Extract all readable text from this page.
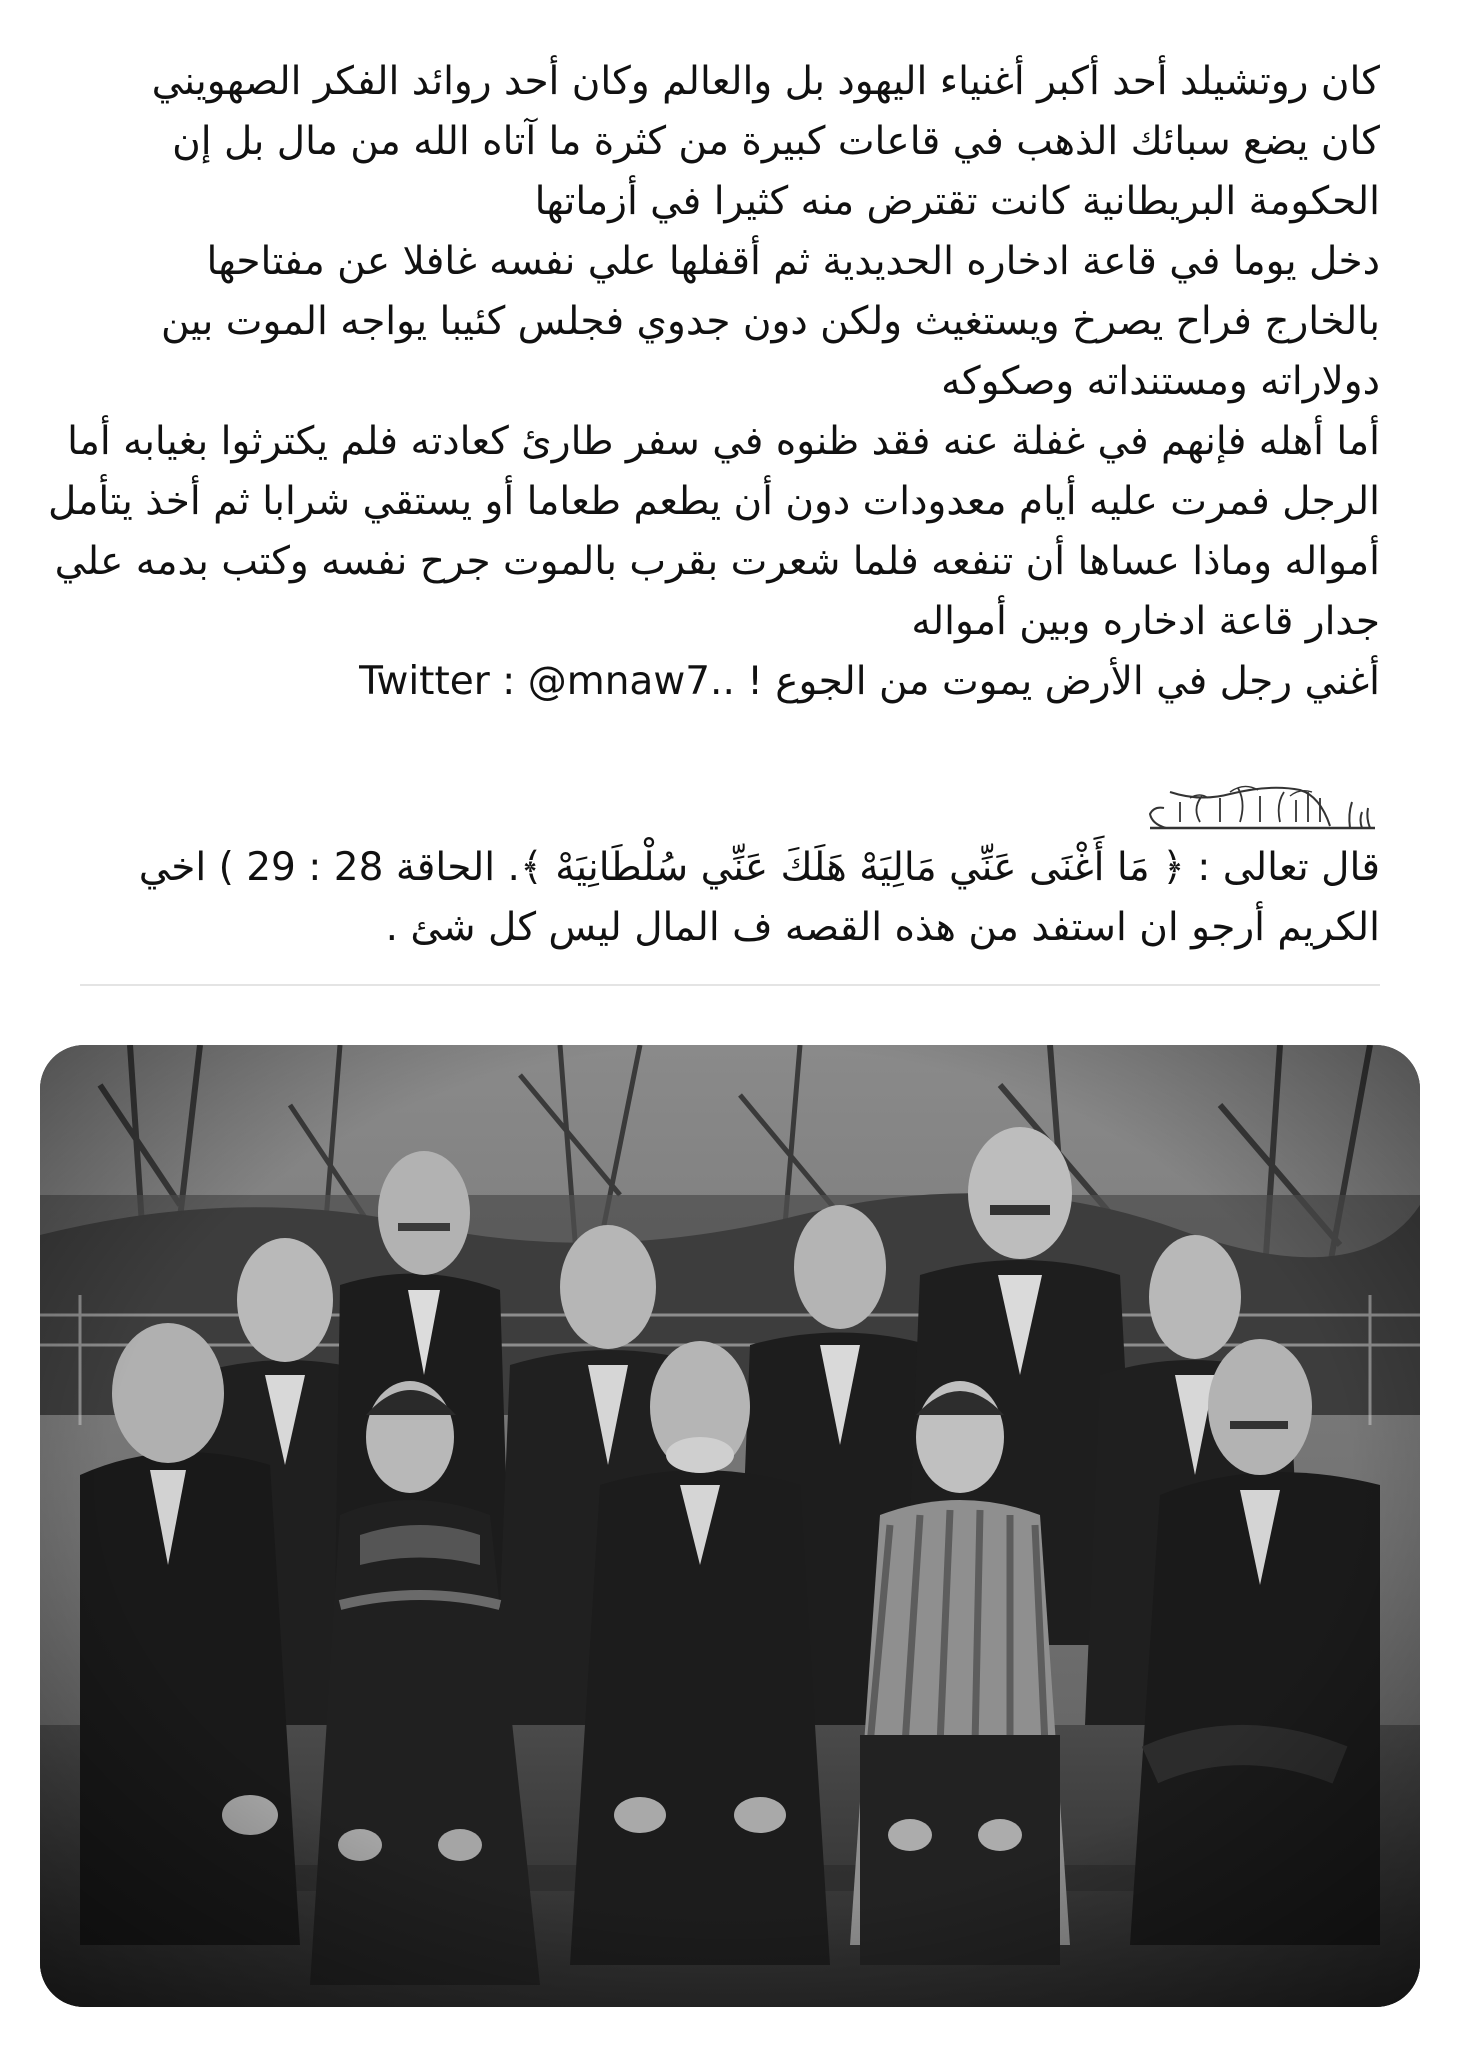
كان روتشيلد أحد أكبر أغنياء اليهود بل والعالم وكان أحد روائد الفكر الصهويني
كان يضع سبائك الذهب في قاعات كبيرة من كثرة ما آتاه الله من مال بل إن
الحكومة البريطانية كانت تقترض منه كثيرا في أزماتها
دخل يوما في قاعة ادخاره الحديدية ثم أقفلها علي نفسه غافلا عن مفتاحها
بالخارج فراح يصرخ ويستغيث ولكن دون جدوي فجلس كئيبا يواجه الموت بين
دولاراته ومستنداته وصكوكه
أما أهله فإنهم في غفلة عنه فقد ظنوه في سفر طارئ كعادته فلم يكترثوا بغيابه أما
الرجل فمرت عليه أيام معدودات دون أن يطعم طعاما أو يستقي شرابا ثم أخذ يتأمل
أمواله وماذا عساها أن تنفعه فلما شعرت بقرب بالموت جرح نفسه وكتب بدمه علي
جدار قاعة ادخاره وبين أمواله
أغني رجل في الأرض يموت من الجوع ! ..Twitter : @mnaw7
قال تعالى : ﴿ مَا أَغْنَى عَنِّي مَالِيَهْ هَلَكَ عَنِّي سُلْطَانِيَهْ ﴾. الحاقة 28 : 29 ) اخي
الكريم أرجو ان استفد من هذه القصه ف المال ليس كل شئ .
